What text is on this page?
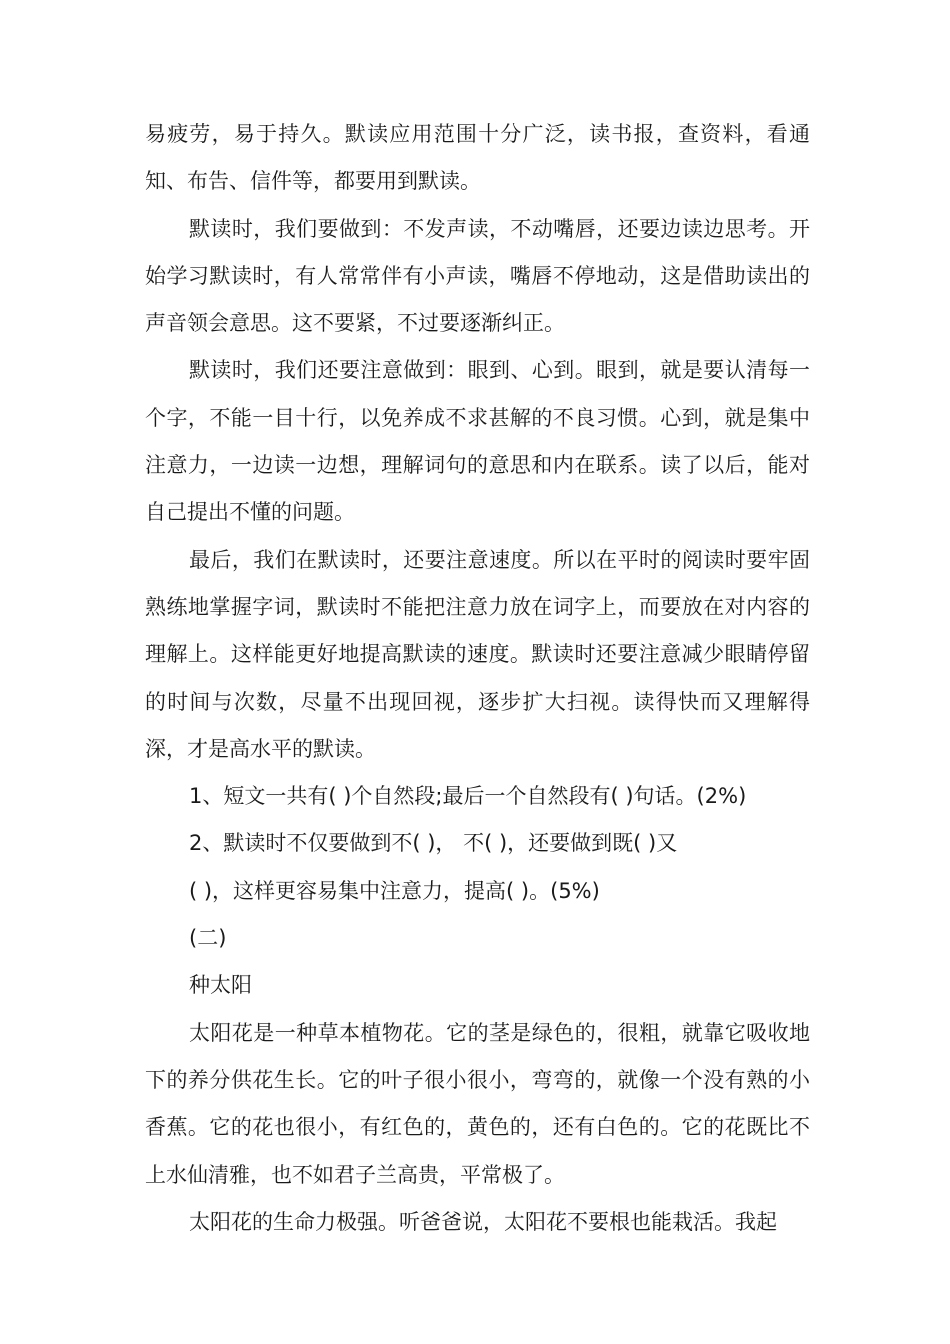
易疲劳，易于持久。默读应用范围十分广泛，读书报，查资料，看通知、布告、信件等，都要用到默读。

默读时，我们要做到：不发声读，不动嘴唇，还要边读边思考。开始学习默读时，有人常常伴有小声读，嘴唇不停地动，这是借助读出的声音领会意思。这不要紧，不过要逐渐纠正。

默读时，我们还要注意做到：眼到、心到。眼到，就是要认清每一个字，不能一目十行，以免养成不求甚解的不良习惯。心到，就是集中注意力，一边读一边想，理解词句的意思和内在联系。读了以后，能对自己提出不懂的问题。

最后，我们在默读时，还要注意速度。所以在平时的阅读时要牢固熟练地掌握字词，默读时不能把注意力放在词字上，而要放在对内容的理解上。这样能更好地提高默读的速度。默读时还要注意减少眼睛停留的时间与次数，尽量不出现回视，逐步扩大扫视。读得快而又理解得深，才是高水平的默读。

1、短文一共有( )个自然段;最后一个自然段有( )句话。(2%)

2、默读时不仅要做到不( )， 不( )，还要做到既( )又

( )，这样更容易集中注意力，提高( )。(5%)

(二)

种太阳

太阳花是一种草本植物花。它的茎是绿色的，很粗，就靠它吸收地下的养分供花生长。它的叶子很小很小，弯弯的，就像一个没有熟的小香蕉。它的花也很小，有红色的，黄色的，还有白色的。它的花既比不上水仙清雅，也不如君子兰高贵，平常极了。

太阳花的生命力极强。听爸爸说，太阳花不要根也能栽活。我起
